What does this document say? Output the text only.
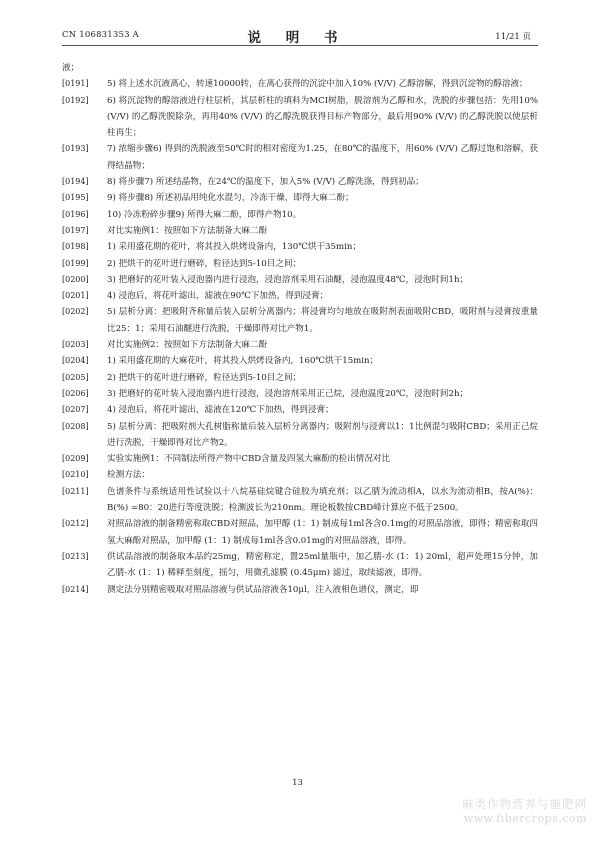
CN 106831353 A	说 明 书	11/21 页
液；
[0191]	5) 将上述水沉液离心，转速10000转，在离心获得的沉淀中加入10% (V/V) 乙醇溶解，得到沉淀物的醇溶液；
[0192]	6) 将沉淀物的醇溶液进行柱层析，其层析柱的填料为MCI树脂，脱溶剂为乙醇和水，洗脱的步骤包括：先用10% (V/V) 的乙醇洗脱除杂，再用40% (V/V) 的乙醇洗脱获得目标产物部分，最后用90% (V/V) 的乙醇洗脱以使层析柱再生；
[0193]	7) 浓缩步骤6) 得到的洗脱液至50℃时的相对密度为1.25，在80℃的温度下，用60% (V/V) 乙醇过饱和溶解，获得结晶物；
[0194]	8) 将步骤7) 所述结晶物，在24℃的温度下，加入5% (V/V) 乙醇洗涤，得到初品；
[0195]	9) 将步骤8) 所述初品用纯化水混匀，冷冻干燥，即得大麻二酚；
[0196]	10) 冷冻粉碎步骤9) 所得大麻二酚，即得产物10。
[0197]	对比实施例1：按照如下方法制备大麻二酚
[0198]	1) 采用盛花期的花叶，将其投入烘烤设备内，130℃烘干35min；
[0199]	2) 把烘干的花叶进行磨碎，粒径达到5-10目之间；
[0200]	3) 把磨好的花叶装入浸泡器内进行浸泡，浸泡溶剂采用石油醚，浸泡温度48℃，浸泡时间1h；
[0201]	4) 浸泡后，将花叶滤出，滤液在90℃下加热，得到浸膏；
[0202]	5) 层析分离：把吸附齐称量后装入层析分离器内；将浸膏均匀地放在吸附剂表面吸附CBD，吸附剂与浸膏按重量比25：1；采用石油醚进行洗脱，干燥即得对比产物1。
[0203]	对比实施例2：按照如下方法制备大麻二酚
[0204]	1) 采用盛花期的大麻花叶，将其投入烘烤设备内，160℃烘干15min；
[0205]	2) 把烘干的花叶进行磨碎，粒径达到5-10目之间；
[0206]	3) 把磨好的花叶装入浸泡器内进行浸泡，浸泡溶剂采用正己烷，浸泡温度20℃，浸泡时间2h；
[0207]	4) 浸泡后，将花叶滤出，滤液在120℃下加热，得到浸膏；
[0208]	5) 层析分离：把吸附剂大孔树脂称量后装入层析分离器内；吸附剂与浸膏以1：1比例混匀吸附CBD；采用正己烷进行洗脱，干燥即得对比产物2。
[0209]	实验实施例1：不同制法所得产物中CBD含量及四氢大麻酚的检出情况对比
[0210]	检测方法：
[0211]	色谱条件与系统适用性试验以十八烷基硅烷键合硅胶为填充剂；以乙腈为流动相A，以水为流动相B，按A(%)：B(%) =80：20进行等度洗脱；检测波长为210nm。理论板数按CBD峰计算应不低于2500。
[0212]	对照品溶液的制备精密称取CBD对照品，加甲醇 (1：1) 制成每1ml各含0.1mg的对照品溶液，即得；精密称取四氢大麻酚对照品，加甲醇 (1：1) 制成每1ml各含0.01mg的对照品溶液，即得。
[0213]	供试品溶液的制备取本品约25mg，精密称定，置25ml量瓶中，加乙腈-水 (1：1) 20ml，超声处理15分钟，加乙腈-水 (1：1) 稀释至刻度，摇匀，用微孔滤膜 (0.45μm) 滤过，取续滤液，即得。
[0214]	测定法分别精密吸取对照品溶液与供试品溶液各10μl，注入液相色谱仪，测定，即
13
麻类作物营养与施肥网
www.fibercrops.com
